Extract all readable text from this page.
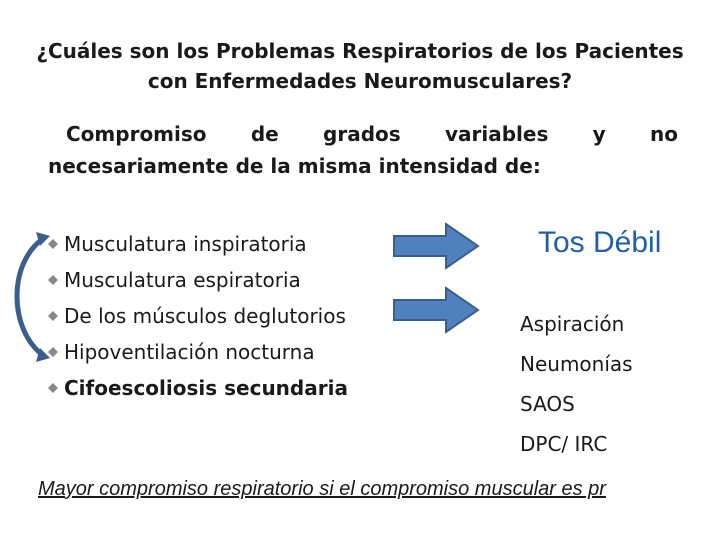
¿Cuáles son los Problemas Respiratorios de los Pacientes
con Enfermedades Neuromusculares?
Compromiso de grados variables y no
necesariamente de la misma intensidad de:
Musculatura inspiratoria
Musculatura espiratoria
De los músculos deglutorios
Hipoventilación nocturna
Cifoescoliosis secundaria
Tos Débil
Aspiración
Neumonías
SAOS
DPC/ IRC
Mayor compromiso respiratorio si el compromiso muscular es pr
